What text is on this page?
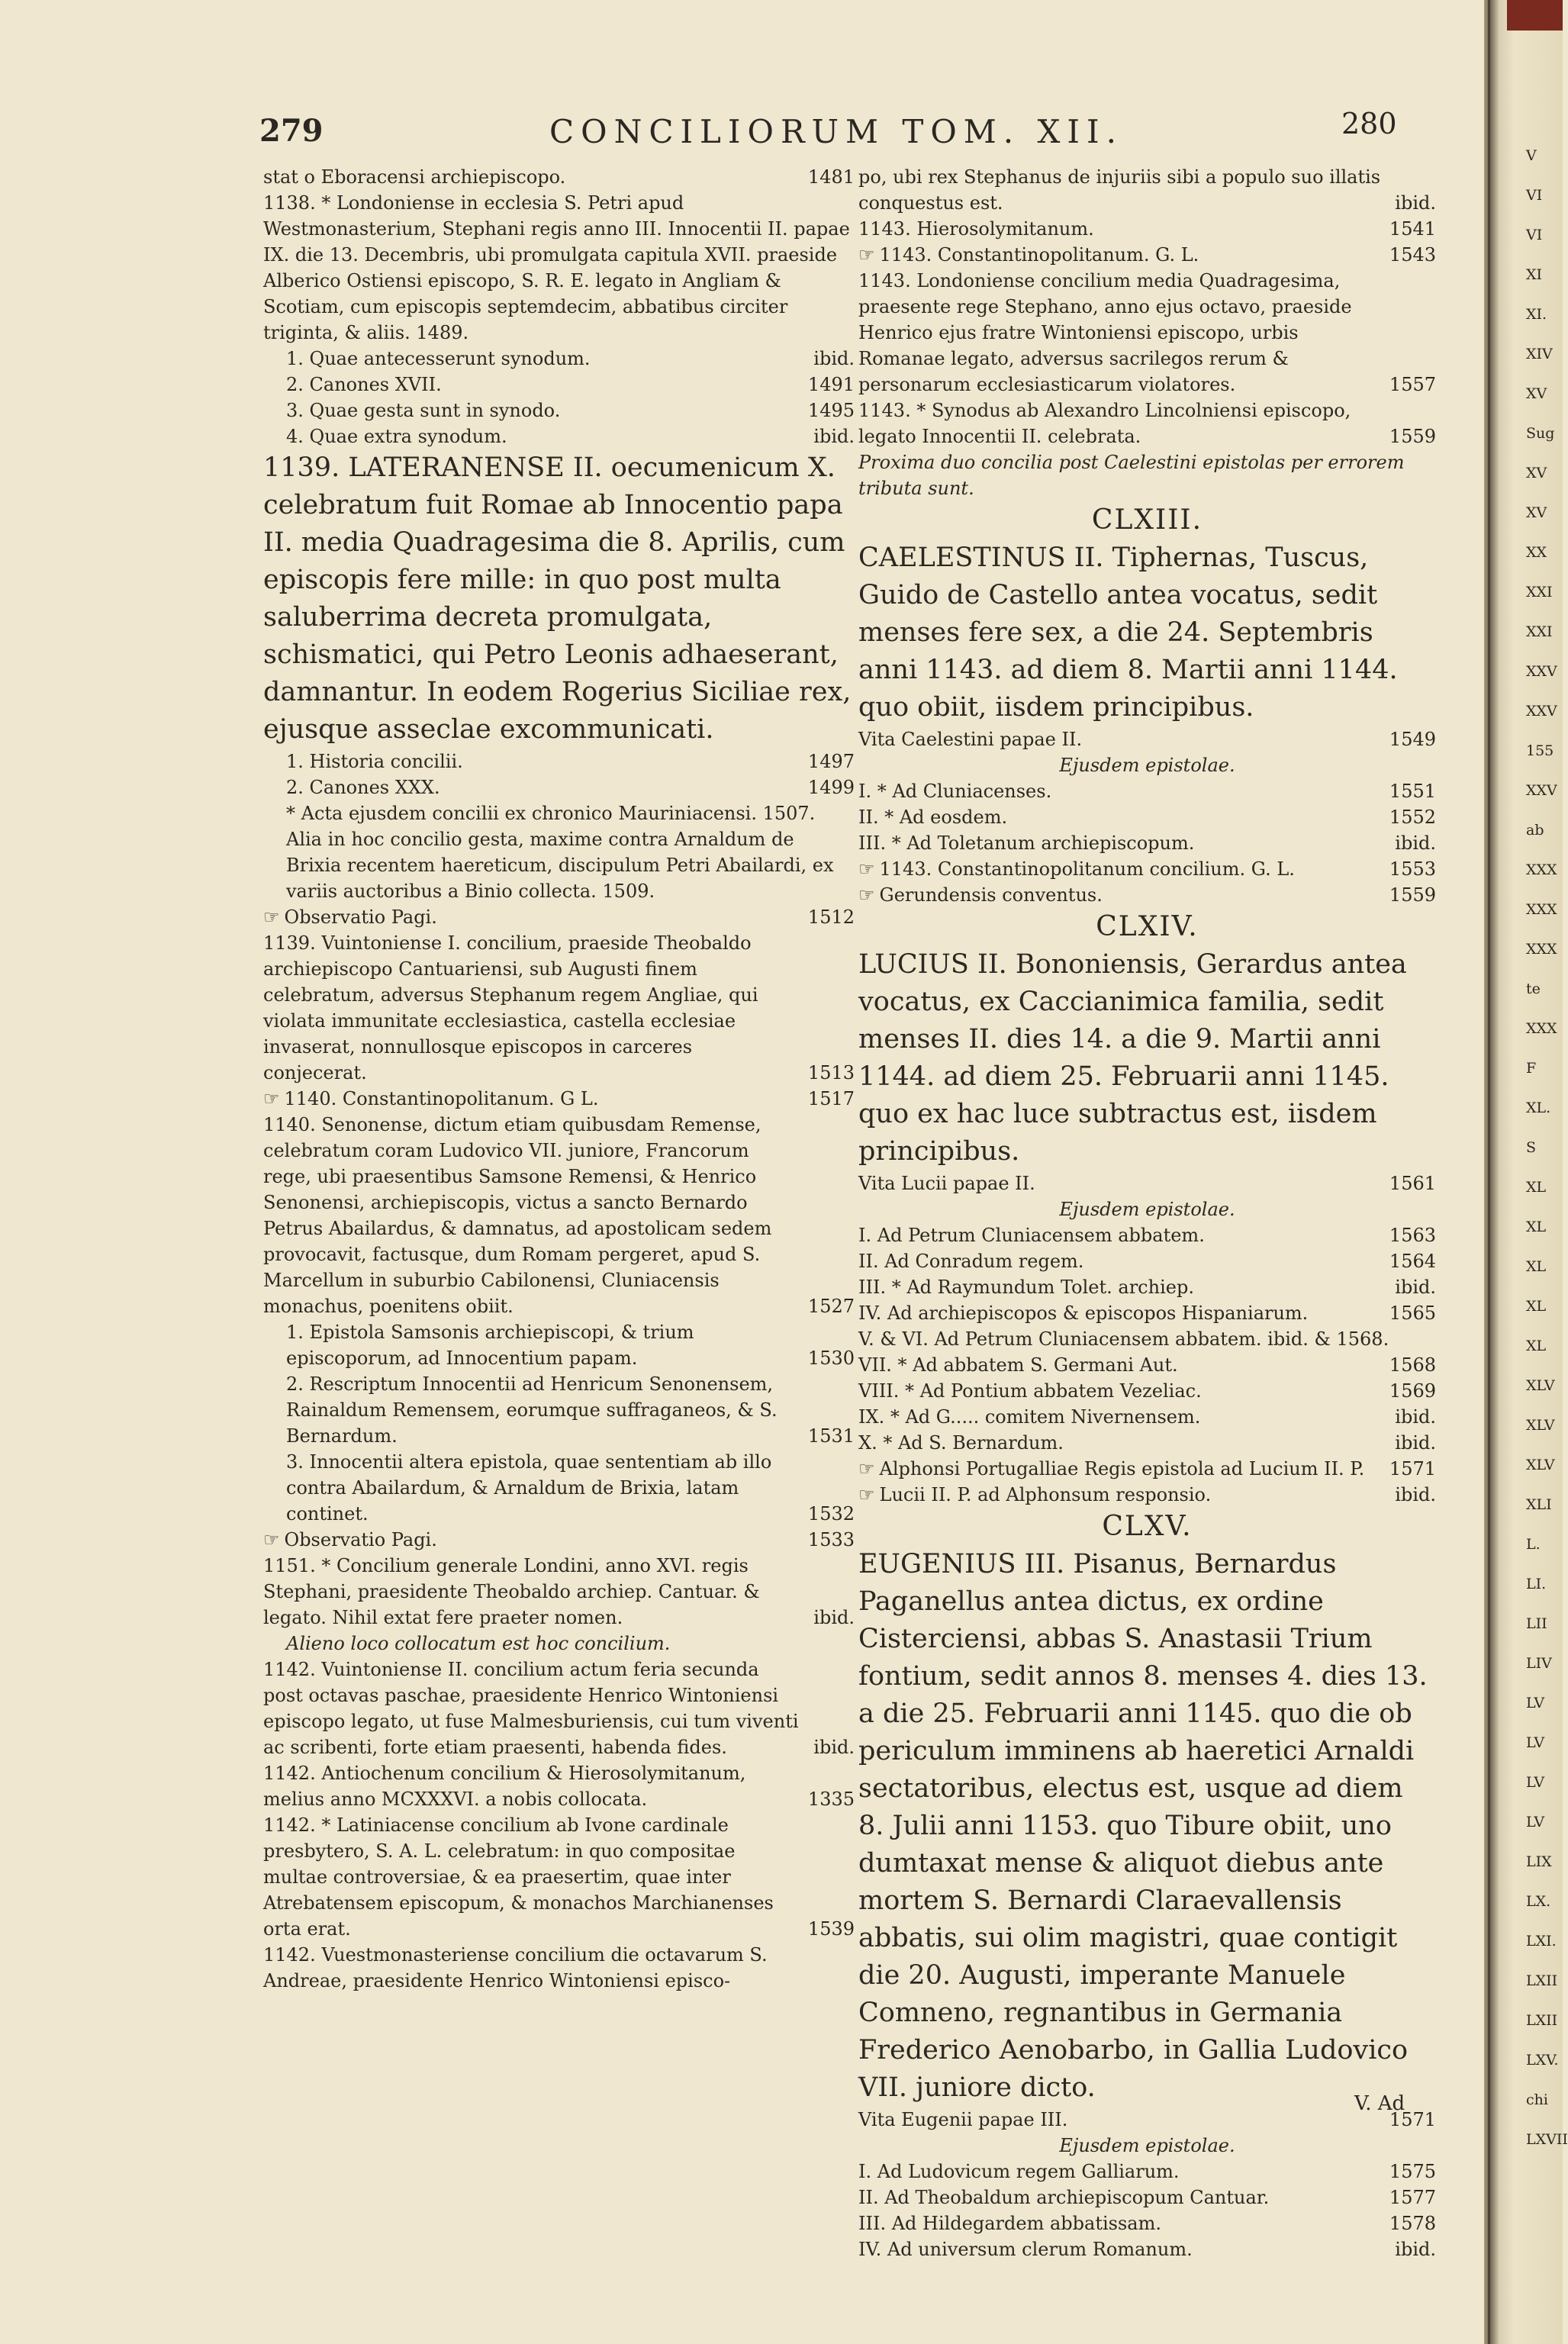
V
VI
VI
XI
XI.
XIV
XV
Sug
XV
XV
XX
XXI
XXI
XXV
XXV
155
XXV
ab
XXX
XXX
XXX
te
XXX
F
XL.
S
XL
XL
XL
XL
XL
XLV
XLV
XLV
XLI
L.
LI.
LII
LIV
LV
LV
LV
LV
LIX
LX.
LXI.
LXII
LXII
LXV.
chi
LXVII
279	CONCILIORUM TOM. XII.	280
stat o Eboracensi archiepiscopo.	1481
1138. * Londoniense in ecclesia S. Petri apud Westmonasterium, Stephani regis anno III. Innocentii II. papae IX. die 13. Decembris, ubi promulgata capitula XVII. praeside Alberico Ostiensi episcopo, S. R. E. legato in Angliam & Scotiam, cum episcopis septemdecim, abbatibus circiter triginta, & aliis. 1489.
1. Quae antecesserunt synodum.	ibid.
2. Canones XVII.	1491
3. Quae gesta sunt in synodo.	1495
4. Quae extra synodum.	ibid.
1139. LATERANENSE II. oecumenicum X. celebratum fuit Romae ab Innocentio papa II. media Quadragesima die 8. Aprilis, cum episcopis fere mille: in quo post multa saluberrima decreta promulgata, schismatici, qui Petro Leonis adhaeserant, damnantur. In eodem Rogerius Siciliae rex, ejusque asseclae excommunicati.
1. Historia concilii.	1497
2. Canones XXX.	1499
* Acta ejusdem concilii ex chronico Mauriniacensi. 1507.
Alia in hoc concilio gesta, maxime contra Arnaldum de Brixia recentem haereticum, discipulum Petri Abailardi, ex variis auctoribus a Binio collecta. 1509.
☞ Observatio Pagi.	1512
1139. Vuintoniense I. concilium, praeside Theobaldo archiepiscopo Cantuariensi, sub Augusti finem celebratum, adversus Stephanum regem Angliae, qui violata immunitate ecclesiastica, castella ecclesiae invaserat, nonnullosque episcopos in carceres conjecerat.	1513
☞ 1140. Constantinopolitanum. G L.	1517
1140. Senonense, dictum etiam quibusdam Remense, celebratum coram Ludovico VII. juniore, Francorum rege, ubi praesentibus Samsone Remensi, & Henrico Senonensi, archiepiscopis, victus a sancto Bernardo Petrus Abailardus, & damnatus, ad apostolicam sedem provocavit, factusque, dum Romam pergeret, apud S. Marcellum in suburbio Cabilonensi, Cluniacensis monachus, poenitens obiit.	1527
1. Epistola Samsonis archiepiscopi, & trium episcoporum, ad Innocentium papam.	1530
2. Rescriptum Innocentii ad Henricum Senonensem, Rainaldum Remensem, eorumque suffraganeos, & S. Bernardum.	1531
3. Innocentii altera epistola, quae sententiam ab illo contra Abailardum, & Arnaldum de Brixia, latam continet.	1532
☞ Observatio Pagi.	1533
1151. * Concilium generale Londini, anno XVI. regis Stephani, praesidente Theobaldo archiep. Cantuar. & legato. Nihil extat fere praeter nomen.	ibid.
Alieno loco collocatum est hoc concilium.
1142. Vuintoniense II. concilium actum feria secunda post octavas paschae, praesidente Henrico Wintoniensi episcopo legato, ut fuse Malmesburiensis, cui tum viventi ac scribenti, forte etiam praesenti, habenda fides.	ibid.
1142. Antiochenum concilium & Hierosolymitanum, melius anno MCXXXVI. a nobis collocata.	1335
1142. * Latiniacense concilium ab Ivone cardinale presbytero, S. A. L. celebratum: in quo compositae multae controversiae, & ea praesertim, quae inter Atrebatensem episcopum, & monachos Marchianenses orta erat.	1539
1142. Vuestmonasteriense concilium die octavarum S. Andreae, praesidente Henrico Wintoniensi episco-
po, ubi rex Stephanus de injuriis sibi a populo suo illatis conquestus est.	ibid.
1143. Hierosolymitanum.	1541
☞ 1143. Constantinopolitanum. G. L.	1543
1143. Londoniense concilium media Quadragesima, praesente rege Stephano, anno ejus octavo, praeside Henrico ejus fratre Wintoniensi episcopo, urbis Romanae legato, adversus sacrilegos rerum & personarum ecclesiasticarum violatores.	1557
1143. * Synodus ab Alexandro Lincolniensi episcopo, legato Innocentii II. celebrata.	1559
Proxima duo concilia post Caelestini epistolas per errorem tributa sunt.
CLXIII.
CAELESTINUS II. Tiphernas, Tuscus, Guido de Castello antea vocatus, sedit menses fere sex, a die 24. Septembris anni 1143. ad diem 8. Martii anni 1144. quo obiit, iisdem principibus.
Vita Caelestini papae II.	1549
Ejusdem epistolae.
I. * Ad Cluniacenses.	1551
II. * Ad eosdem.	1552
III. * Ad Toletanum archiepiscopum.	ibid.
☞ 1143. Constantinopolitanum concilium. G. L.	1553
☞ Gerundensis conventus.	1559
CLXIV.
LUCIUS II. Bononiensis, Gerardus antea vocatus, ex Caccianimica familia, sedit menses II. dies 14. a die 9. Martii anni 1144. ad diem 25. Februarii anni 1145. quo ex hac luce subtractus est, iisdem principibus.
Vita Lucii papae II.	1561
Ejusdem epistolae.
I. Ad Petrum Cluniacensem abbatem.	1563
II. Ad Conradum regem.	1564
III. * Ad Raymundum Tolet. archiep.	ibid.
IV. Ad archiepiscopos & episcopos Hispaniarum.	1565
V. & VI. Ad Petrum Cluniacensem abbatem. ibid. & 1568.
VII. * Ad abbatem S. Germani Aut.	1568
VIII. * Ad Pontium abbatem Vezeliac.	1569
IX. * Ad G..... comitem Nivernensem.	ibid.
X. * Ad S. Bernardum.	ibid.
☞ Alphonsi Portugalliae Regis epistola ad Lucium II. P.	1571
☞ Lucii II. P. ad Alphonsum responsio.	ibid.
CLXV.
EUGENIUS III. Pisanus, Bernardus Paganellus antea dictus, ex ordine Cisterciensi, abbas S. Anastasii Trium fontium, sedit annos 8. menses 4. dies 13. a die 25. Februarii anni 1145. quo die ob periculum imminens ab haeretici Arnaldi sectatoribus, electus est, usque ad diem 8. Julii anni 1153. quo Tibure obiit, uno dumtaxat mense & aliquot diebus ante mortem S. Bernardi Claraevallensis abbatis, sui olim magistri, quae contigit die 20. Augusti, imperante Manuele Comneno, regnantibus in Germania Frederico Aenobarbo, in Gallia Ludovico VII. juniore dicto.
Vita Eugenii papae III.	1571
Ejusdem epistolae.
I. Ad Ludovicum regem Galliarum.	1575
II. Ad Theobaldum archiepiscopum Cantuar.	1577
III. Ad Hildegardem abbatissam.	1578
IV. Ad universum clerum Romanum.	ibid.
V. Ad
